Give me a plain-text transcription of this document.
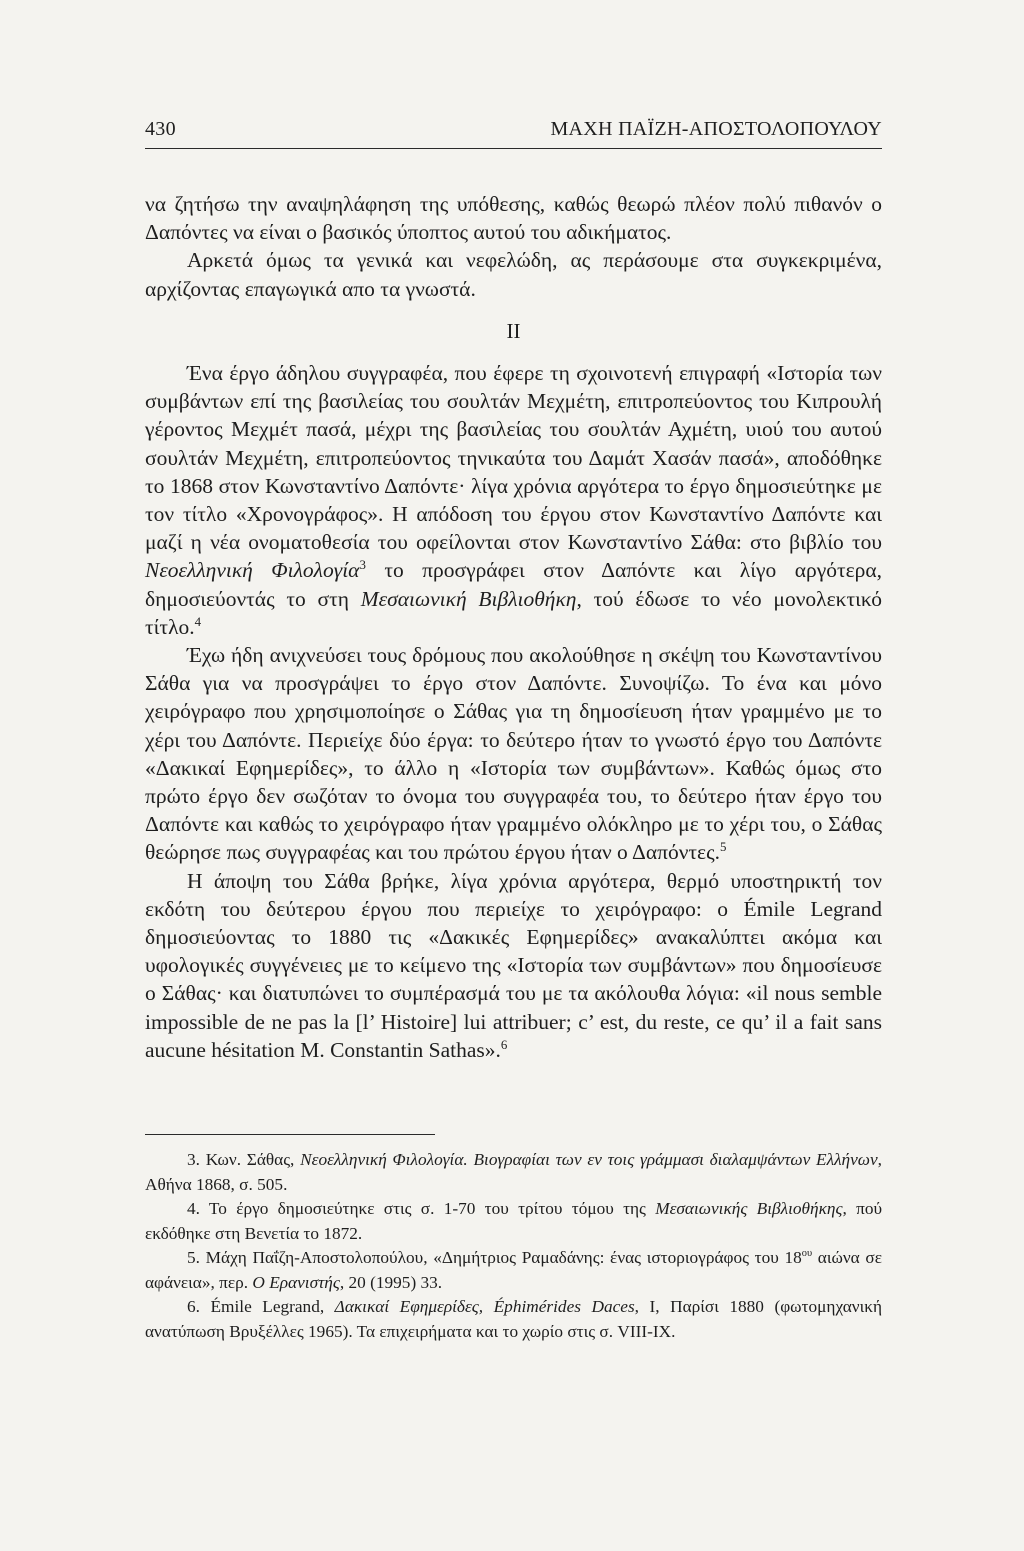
430	ΜΑΧΗ ΠΑΪΖΗ-ΑΠΟΣΤΟΛΟΠΟΥΛΟΥ

να ζητήσω την αναψηλάφηση της υπόθεσης, καθώς θεωρώ πλέον πολύ πιθανόν ο Δαπόντες να είναι ο βασικός ύποπτος αυτού του αδικήματος.

Αρκετά όμως τα γενικά και νεφελώδη, ας περάσουμε στα συγκεκριμένα, αρχίζοντας επαγωγικά απο τα γνωστά.

II

Ένα έργο άδηλου συγγραφέα, που έφερε τη σχοινοτενή επιγραφή «Ιστορία των συμβάντων επί της βασιλείας του σουλτάν Μεχμέτη, επιτροπεύοντος του Κιπρουλή γέροντος Μεχμέτ πασά, μέχρι της βασιλείας του σουλτάν Αχμέτη, υιού του αυτού σουλτάν Μεχμέτη, επιτροπεύοντος τηνικαύτα του Δαμάτ Χασάν πασά», αποδόθηκε το 1868 στον Κωνσταντίνο Δαπόντε· λίγα χρόνια αργότερα το έργο δημοσιεύτηκε με τον τίτλο «Χρονογράφος». Η απόδοση του έργου στον Κωνσταντίνο Δαπόντε και μαζί η νέα ονοματοθεσία του οφείλονται στον Κωνσταντίνο Σάθα: στο βιβλίο του Νεοελληνική Φιλολογία$^3$ το προσγράφει στον Δαπόντε και λίγο αργότερα, δημοσιεύοντάς το στη Μεσαιωνική Βιβλιοθήκη, τού έδωσε το νέο μονολεκτικό τίτλο.$^4$

Έχω ήδη ανιχνεύσει τους δρόμους που ακολούθησε η σκέψη του Κωνσταντίνου Σάθα για να προσγράψει το έργο στον Δαπόντε. Συνοψίζω. Το ένα και μόνο χειρόγραφο που χρησιμοποίησε ο Σάθας για τη δημοσίευση ήταν γραμμένο με το χέρι του Δαπόντε. Περιείχε δύο έργα: το δεύτερο ήταν το γνωστό έργο του Δαπόντε «Δακικαί Εφημερίδες», το άλλο η «Ιστορία των συμβάντων». Καθώς όμως στο πρώτο έργο δεν σωζόταν το όνομα του συγγραφέα του, το δεύτερο ήταν έργο του Δαπόντε και καθώς το χειρόγραφο ήταν γραμμένο ολόκληρο με το χέρι του, ο Σάθας θεώρησε πως συγγραφέας και του πρώτου έργου ήταν ο Δαπόντες.$^5$

Η άποψη του Σάθα βρήκε, λίγα χρόνια αργότερα, θερμό υποστηρικτή τον εκδότη του δεύτερου έργου που περιείχε το χειρόγραφο: ο Émile Legrand δημοσιεύοντας το 1880 τις «Δακικές Εφημερίδες» ανακαλύπτει ακόμα και υφολογικές συγγένειες με το κείμενο της «Ιστορία των συμβάντων» που δημοσίευσε ο Σάθας· και διατυπώνει το συμπέρασμά του με τα ακόλουθα λόγια: «il nous semble impossible de ne pas la [l’ Histoire] lui attribuer; c’ est, du reste, ce qu’ il a fait sans aucune hésitation M. Constantin Sathas».$^6$

3. Κων. Σάθας, Νεοελληνική Φιλολογία. Βιογραφίαι των εν τοις γράμμασι διαλαμψάντων Ελλήνων, Αθήνα 1868, σ. 505.

4. Το έργο δημοσιεύτηκε στις σ. 1-70 του τρίτου τόμου της Μεσαιωνικής Βιβλιοθήκης, πού εκδόθηκε στη Βενετία το 1872.

5. Μάχη Παΐζη-Αποστολοπούλου, «Δημήτριος Ραμαδάνης: ένας ιστοριογράφος του $18^{o\upsilon}$ αιώνα σε αφάνεια», περ. Ο Ερανιστής, 20 (1995) 33.

6. Émile Legrand, Δακικαί Εφημερίδες, Éphimérides Daces, I, Παρίσι 1880 (φωτομηχανική ανατύπωση Βρυξέλλες 1965). Τα επιχειρήματα και το χωρίο στις σ. VIII-IX.
